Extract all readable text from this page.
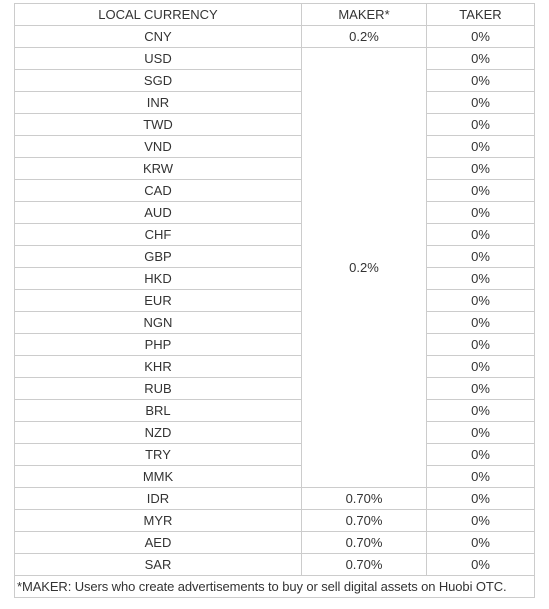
LOCAL CURRENCY	MAKER*	TAKER
CNY	0.2%	0%
USD	0.2%	0%
SGD		0%
INR		0%
TWD		0%
VND		0%
KRW		0%
CAD		0%
AUD		0%
CHF		0%
GBP		0%
HKD		0%
EUR		0%
NGN		0%
PHP		0%
KHR		0%
RUB		0%
BRL		0%
NZD		0%
TRY		0%
MMK		0%
IDR	0.70%	0%
MYR	0.70%	0%
AED	0.70%	0%
SAR	0.70%	0%
*MAKER: Users who create advertisements to buy or sell digital assets on Huobi OTC.		
